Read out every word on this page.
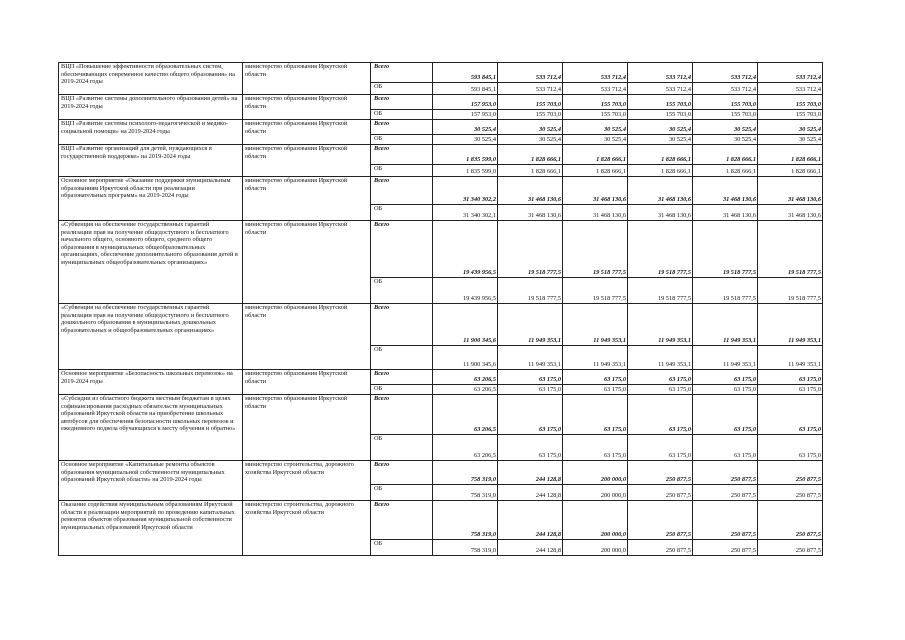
ВЦП «Повышение эффективности образовательных систем, обеспечивающих современное качество общего образования» на 2019-2024 годы	министерство образования Иркутской области	Всего	593 845,1	533 712,4	533 712,4	533 712,4	533 712,4	533 712,4
		ОБ	593 845,1	533 712,4	533 712,4	533 712,4	533 712,4	533 712,4
ВЦП «Развитие системы дополнительного образования детей» на 2019-2024 годы	министерство образования Иркутской области	Всего	157 953,0	155 703,0	155 703,0	155 703,0	155 703,0	155 703,0
		ОБ	157 953,0	155 703,0	155 703,0	155 703,0	155 703,0	155 703,0
ВЦП «Развитие системы психолого-педагогической и медико-социальной помощи» на 2019-2024 годы	министерство образования Иркутской области	Всего	30 525,4	30 525,4	30 525,4	30 525,4	30 525,4	30 525,4
		ОБ	30 525,4	30 525,4	30 525,4	30 525,4	30 525,4	30 525,4
ВЦП «Развитие организаций для детей, нуждающихся в государственной поддержке» на 2019-2024 годы	министерство образования Иркутской области	Всего	1 835 599,0	1 828 666,1	1 828 666,1	1 828 666,1	1 828 666,1	1 828 666,1
		ОБ	1 835 599,0	1 828 666,1	1 828 666,1	1 828 666,1	1 828 666,1	1 828 666,1
Основное мероприятие «Оказание поддержки муниципальным образованиям Иркутской области при реализации образовательных программ» на 2019-2024 годы	министерство образования Иркутской области	Всего	31 340 302,2	31 468 130,6	31 468 130,6	31 468 130,6	31 468 130,6	31 468 130,6
		ОБ	31 340 302,1	31 468 130,6	31 468 130,6	31 468 130,6	31 468 130,6	31 468 130,6
«Субвенция на обеспечение государственных гарантий реализации прав на получение общедоступного и бесплатного начального общего, основного общего, среднего общего образования в муниципальных общеобразовательных организациях, обеспечение дополнительного образования детей в муниципальных общеобразовательных организациях»	министерство образования Иркутской области	Всего	19 439 956,5	19 518 777,5	19 518 777,5	19 518 777,5	19 518 777,5	19 518 777,5
		ОБ	19 439 956,5	19 518 777,5	19 518 777,5	19 518 777,5	19 518 777,5	19 518 777,5
«Субвенция на обеспечение государственных гарантий реализации прав на получение общедоступного и бесплатного дошкольного образования в муниципальных дошкольных образовательных и общеобразовательных организациях»	министерство образования Иркутской области	Всего	11 900 345,6	11 949 353,1	11 949 353,1	11 949 353,1	11 949 353,1	11 949 353,1
		ОБ	11 900 345,6	11 949 353,1	11 949 353,1	11 949 353,1	11 949 353,1	11 949 353,1
Основное мероприятие «Безопасность школьных перевозок» на 2019-2024 годы	министерство образования Иркутской области	Всего	63 206,5	63 175,0	63 175,0	63 175,0	63 175,0	63 175,0
		ОБ	63 206,5	63 175,0	63 175,0	63 175,0	63 175,0	63 175,0
«Субсидии из областного бюджета местным бюджетам в целях софинансирования расходных обязательств муниципальных образований Иркутской области на приобретение школьных автобусов для обеспечения безопасности школьных перевозок и ежедневного подвоза обучающихся к месту обучения и обратно»	министерство образования Иркутской области	Всего	63 206,5	63 175,0	63 175,0	63 175,0	63 175,0	63 175,0
		ОБ	63 206,5	63 175,0	63 175,0	63 175,0	63 175,0	63 175,0
Основное мероприятие «Капитальные ремонты объектов образования муниципальной собственности муниципальных образований Иркутской области» на 2019-2024 годы	министерство строительства, дорожного хозяйства Иркутской области	Всего	758 319,0	244 128,8	200 000,0	250 877,5	250 877,5	250 877,5
		ОБ	758 319,0	244 128,8	200 000,0	250 877,5	250 877,5	250 877,5
Оказание содействия муниципальным образованиям Иркутской области в реализации мероприятий по проведению капитальных ремонтов объектов образования муниципальной собственности муниципальных образований Иркутской области	министерство строительства, дорожного хозяйства Иркутской области	Всего	758 319,0	244 128,8	200 000,0	250 877,5	250 877,5	250 877,5
		ОБ	758 319,0	244 128,8	200 000,0	250 877,5	250 877,5	250 877,5
